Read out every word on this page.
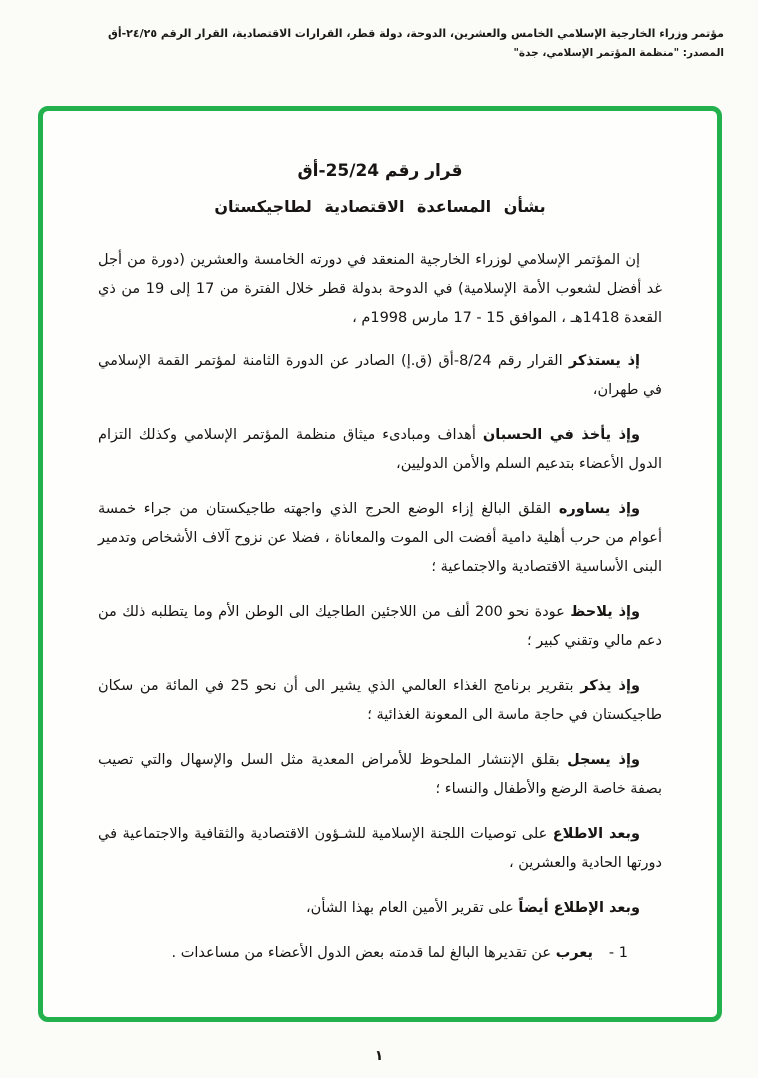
مؤتمر وزراء الخارجية الإسلامي الخامس والعشرين، الدوحة، دولة قطر، القرارات الاقتصادية، القرار الرقم ٢٤/٢٥-أق
المصدر: "منظمة المؤتمر الإسلامي، جدة"
قرار رقم 25/24-أق
بشأن المساعدة الاقتصادية لطاجيكستان

إن المؤتمر الإسلامي لوزراء الخارجية المنعقد في دورته الخامسة والعشرين (دورة من أجل غد أفضل لشعوب الأمة الإسلامية) في الدوحة بدولة قطر خلال الفترة من 17 إلى 19 من ذي القعدة 1418هـ ، الموافق 15 - 17 مارس 1998م ،

إذ يستذكر القرار رقم 8/24-أق (ق.إ) الصادر عن الدورة الثامنة لمؤتمر القمة الإسلامي في طهران،

وإذ يأخذ في الحسبان أهداف ومبادىء ميثاق منظمة المؤتمر الإسلامي وكذلك التزام الدول الأعضاء بتدعيم السلم والأمن الدوليين،

وإذ يساوره القلق البالغ إزاء الوضع الحرج الذي واجهته طاجيكستان من جراء خمسة أعوام من حرب أهلية دامية أفضت الى الموت والمعاناة ، فضلا عن نزوح آلاف الأشخاص وتدمير البنى الأساسية الاقتصادية والاجتماعية ؛

وإذ يلاحظ عودة نحو 200 ألف من اللاجئين الطاجيك الى الوطن الأم وما يتطلبه ذلك من دعم مالي وتقني كبير ؛

وإذ يذكر بتقرير برنامج الغذاء العالمي الذي يشير الى أن نحو 25 في المائة من سكان طاجيكستان في حاجة ماسة الى المعونة الغذائية ؛

وإذ يسجل بقلق الإنتشار الملحوظ للأمراض المعدية مثل السل والإسهال والتي تصيب بصفة خاصة الرضع والأطفال والنساء ؛

وبعد الاطلاع على توصيات اللجنة الإسلامية للشـؤون الاقتصادية والثقافية والاجتماعية في دورتها الحادية والعشرين ،

وبعد الإطلاع أيضاً على تقرير الأمين العام بهذا الشأن،

1 -
يعرب عن تقديرها البالغ لما قدمته بعض الدول الأعضاء من مساعدات .
١
